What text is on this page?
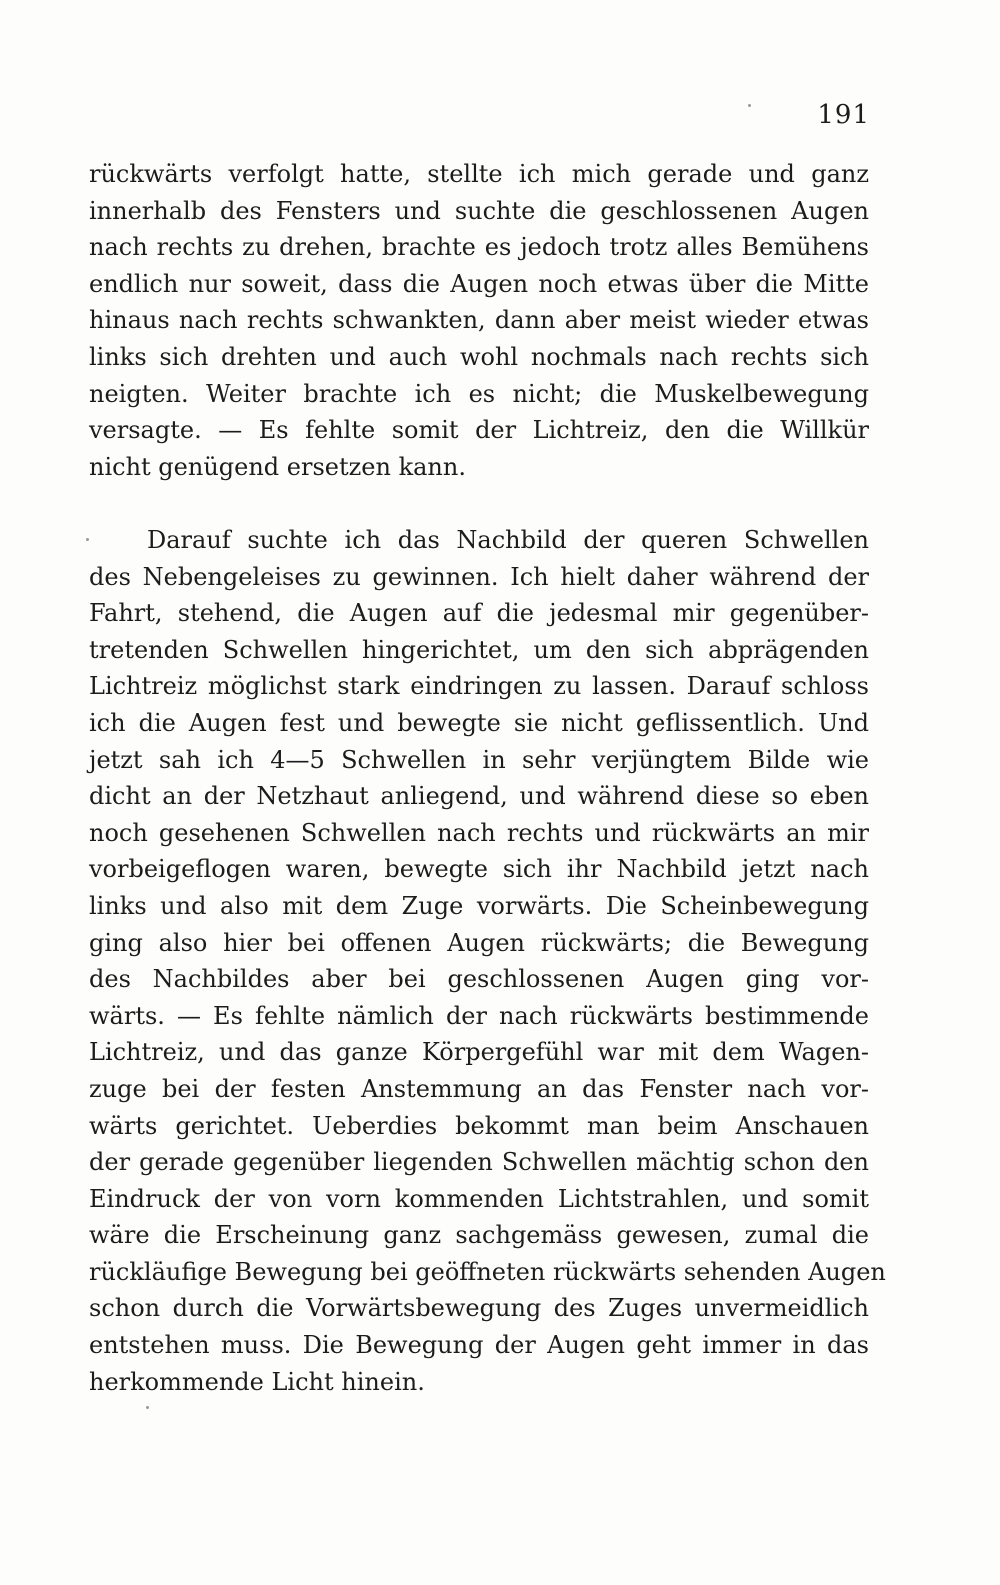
191
rückwärts verfolgt hatte, stellte ich mich gerade und ganz
innerhalb des Fensters und suchte die geschlossenen Augen
nach rechts zu drehen, brachte es jedoch trotz alles Bemühens
endlich nur soweit, dass die Augen noch etwas über die Mitte
hinaus nach rechts schwankten, dann aber meist wieder etwas
links sich drehten und auch wohl nochmals nach rechts sich
neigten. Weiter brachte ich es nicht; die Muskelbewegung
versagte. — Es fehlte somit der Lichtreiz, den die Willkür
nicht genügend ersetzen kann.
Darauf suchte ich das Nachbild der queren Schwellen
des Nebengeleises zu gewinnen. Ich hielt daher während der
Fahrt, stehend, die Augen auf die jedesmal mir gegenüber-
tretenden Schwellen hingerichtet, um den sich abprägenden
Lichtreiz möglichst stark eindringen zu lassen. Darauf schloss
ich die Augen fest und bewegte sie nicht geflissentlich. Und
jetzt sah ich 4—5 Schwellen in sehr verjüngtem Bilde wie
dicht an der Netzhaut anliegend, und während diese so eben
noch gesehenen Schwellen nach rechts und rückwärts an mir
vorbeigeflogen waren, bewegte sich ihr Nachbild jetzt nach
links und also mit dem Zuge vorwärts. Die Scheinbewegung
ging also hier bei offenen Augen rückwärts; die Bewegung
des Nachbildes aber bei geschlossenen Augen ging vor-
wärts. — Es fehlte nämlich der nach rückwärts bestimmende
Lichtreiz, und das ganze Körpergefühl war mit dem Wagen-
zuge bei der festen Anstemmung an das Fenster nach vor-
wärts gerichtet. Ueberdies bekommt man beim Anschauen
der gerade gegenüber liegenden Schwellen mächtig schon den
Eindruck der von vorn kommenden Lichtstrahlen, und somit
wäre die Erscheinung ganz sachgemäss gewesen, zumal die
rückläufige Bewegung bei geöffneten rückwärts sehenden Augen
schon durch die Vorwärtsbewegung des Zuges unvermeidlich
entstehen muss. Die Bewegung der Augen geht immer in das
herkommende Licht hinein.
